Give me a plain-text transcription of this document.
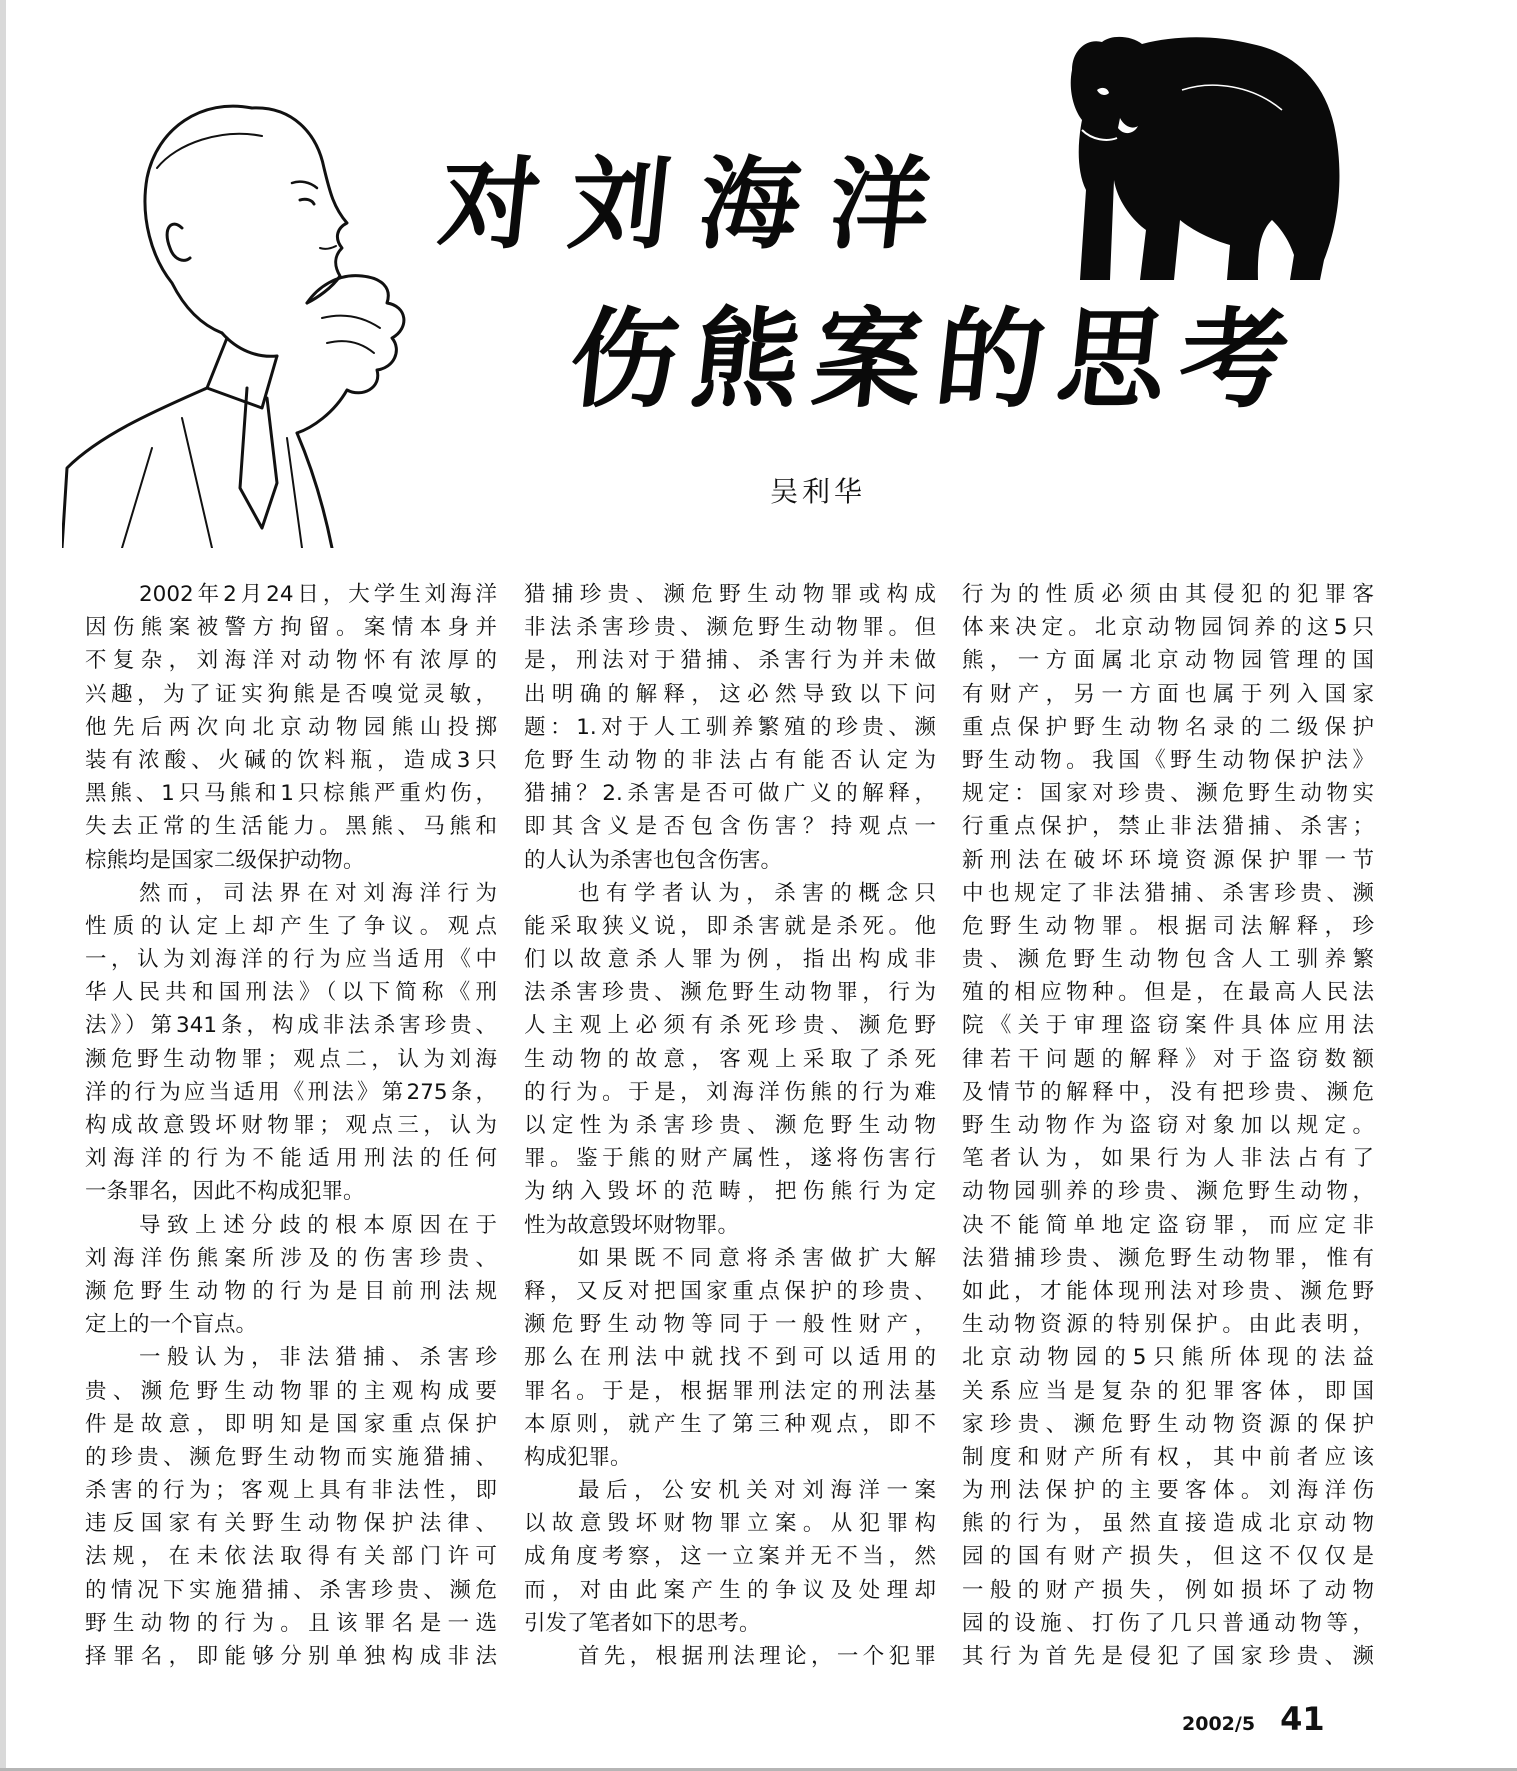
对刘海洋
伤熊案的思考
吴利华
2002年2月24日，大学生刘海洋
因伤熊案被警方拘留。案情本身并
不复杂，刘海洋对动物怀有浓厚的
兴趣，为了证实狗熊是否嗅觉灵敏，
他先后两次向北京动物园熊山投掷
装有浓酸、火碱的饮料瓶，造成3只
黑熊、1只马熊和1只棕熊严重灼伤，
失去正常的生活能力。黑熊、马熊和
棕熊均是国家二级保护动物。
然而，司法界在对刘海洋行为
性质的认定上却产生了争议。观点
一，认为刘海洋的行为应当适用《中
华人民共和国刑法》（以下简称《刑
法》）第341条，构成非法杀害珍贵、
濒危野生动物罪；观点二，认为刘海
洋的行为应当适用《刑法》第275条，
构成故意毁坏财物罪；观点三，认为
刘海洋的行为不能适用刑法的任何
一条罪名，因此不构成犯罪。
导致上述分歧的根本原因在于
刘海洋伤熊案所涉及的伤害珍贵、
濒危野生动物的行为是目前刑法规
定上的一个盲点。
一般认为，非法猎捕、杀害珍
贵、濒危野生动物罪的主观构成要
件是故意，即明知是国家重点保护
的珍贵、濒危野生动物而实施猎捕、
杀害的行为；客观上具有非法性，即
违反国家有关野生动物保护法律、
法规，在未依法取得有关部门许可
的情况下实施猎捕、杀害珍贵、濒危
野生动物的行为。且该罪名是一选
择罪名，即能够分别单独构成非法
猎捕珍贵、濒危野生动物罪或构成
非法杀害珍贵、濒危野生动物罪。但
是，刑法对于猎捕、杀害行为并未做
出明确的解释，这必然导致以下问
题：1.对于人工驯养繁殖的珍贵、濒
危野生动物的非法占有能否认定为
猎捕？2.杀害是否可做广义的解释，
即其含义是否包含伤害？持观点一
的人认为杀害也包含伤害。
也有学者认为，杀害的概念只
能采取狭义说，即杀害就是杀死。他
们以故意杀人罪为例，指出构成非
法杀害珍贵、濒危野生动物罪，行为
人主观上必须有杀死珍贵、濒危野
生动物的故意，客观上采取了杀死
的行为。于是，刘海洋伤熊的行为难
以定性为杀害珍贵、濒危野生动物
罪。鉴于熊的财产属性，遂将伤害行
为纳入毁坏的范畴，把伤熊行为定
性为故意毁坏财物罪。
如果既不同意将杀害做扩大解
释，又反对把国家重点保护的珍贵、
濒危野生动物等同于一般性财产，
那么在刑法中就找不到可以适用的
罪名。于是，根据罪刑法定的刑法基
本原则，就产生了第三种观点，即不
构成犯罪。
最后，公安机关对刘海洋一案
以故意毁坏财物罪立案。从犯罪构
成角度考察，这一立案并无不当，然
而，对由此案产生的争议及处理却
引发了笔者如下的思考。
首先，根据刑法理论，一个犯罪
行为的性质必须由其侵犯的犯罪客
体来决定。北京动物园饲养的这5只
熊，一方面属北京动物园管理的国
有财产，另一方面也属于列入国家
重点保护野生动物名录的二级保护
野生动物。我国《野生动物保护法》
规定：国家对珍贵、濒危野生动物实
行重点保护，禁止非法猎捕、杀害；
新刑法在破坏环境资源保护罪一节
中也规定了非法猎捕、杀害珍贵、濒
危野生动物罪。根据司法解释，珍
贵、濒危野生动物包含人工驯养繁
殖的相应物种。但是，在最高人民法
院《关于审理盗窃案件具体应用法
律若干问题的解释》对于盗窃数额
及情节的解释中，没有把珍贵、濒危
野生动物作为盗窃对象加以规定。
笔者认为，如果行为人非法占有了
动物园驯养的珍贵、濒危野生动物，
决不能简单地定盗窃罪，而应定非
法猎捕珍贵、濒危野生动物罪，惟有
如此，才能体现刑法对珍贵、濒危野
生动物资源的特别保护。由此表明，
北京动物园的5只熊所体现的法益
关系应当是复杂的犯罪客体，即国
家珍贵、濒危野生动物资源的保护
制度和财产所有权，其中前者应该
为刑法保护的主要客体。刘海洋伤
熊的行为，虽然直接造成北京动物
园的国有财产损失，但这不仅仅是
一般的财产损失，例如损坏了动物
园的设施、打伤了几只普通动物等，
其行为首先是侵犯了国家珍贵、濒
2002/5 41
